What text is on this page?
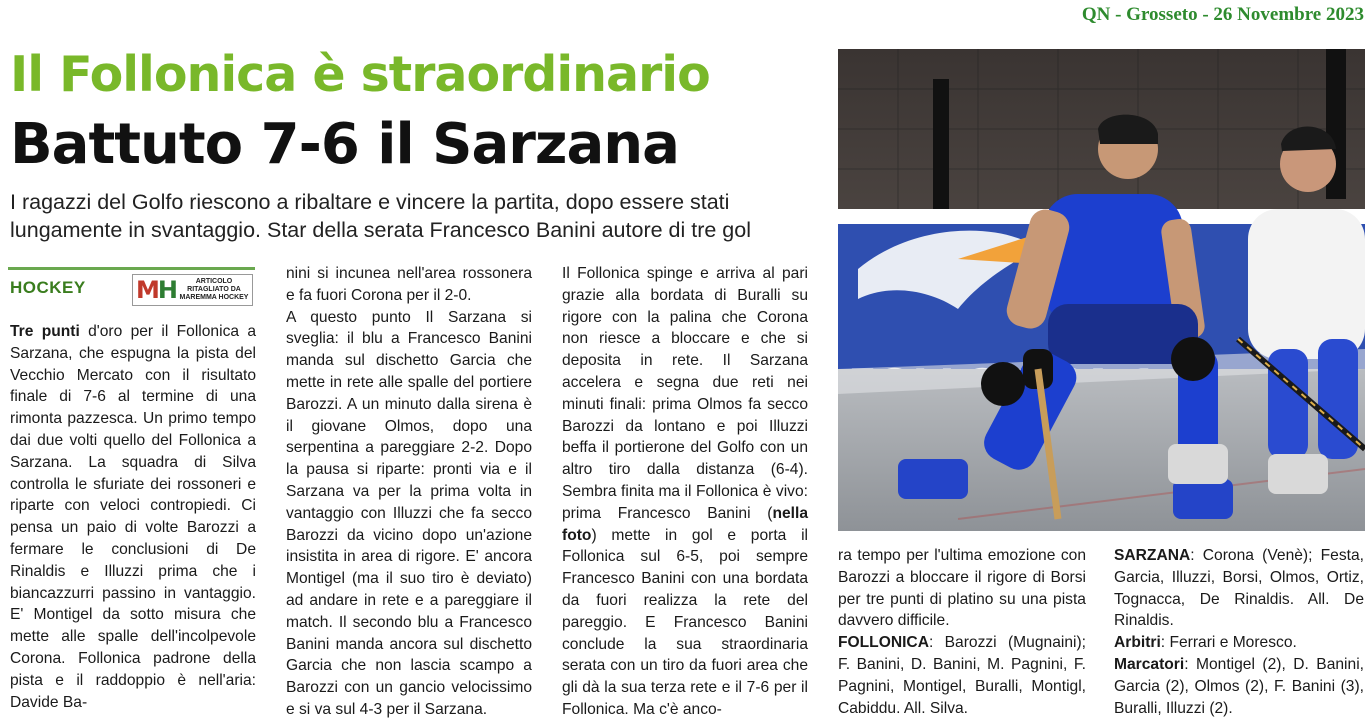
QN - Grosseto - 26 Novembre 2023
Il Follonica è straordinario
Battuto 7-6 il Sarzana

I ragazzi del Golfo riescono a ribaltare e vincere la partita, dopo essere stati lungamente in svantaggio. Star della serata Francesco Banini autore di tre gol

HOCKEY MH	ARTICOLO RITAGLIATO DA MAREMMA HOCKEY

Tre punti d'oro per il Follonica a Sarzana, che espugna la pista del Vecchio Mercato con il risultato finale di 7-6 al termine di una rimonta pazzesca. Un primo tempo dai due volti quello del Follonica a Sarzana. La squadra di Silva controlla le sfuriate dei rossoneri e riparte con veloci contropiedi. Ci pensa un paio di volte Barozzi a fermare le conclusioni di De Rinaldis e Illuzzi prima che i biancazzurri passino in vantaggio. E' Montigel da sotto misura che mette alle spalle dell'incolpevole Corona. Follonica padrone della pista e il raddoppio è nell'aria: Davide Ba-

nini si incunea nell'area rossonera e fa fuori Corona per il 2-0.

A questo punto Il Sarzana si sveglia: il blu a Francesco Banini manda sul dischetto Garcia che mette in rete alle spalle del portiere Barozzi. A un minuto dalla sirena è il giovane Olmos, dopo una serpentina a pareggiare 2-2. Dopo la pausa si riparte: pronti via e il Sarzana va per la prima volta in vantaggio con Illuzzi che fa secco Barozzi da vicino dopo un'azione insistita in area di rigore. E' ancora Montigel (ma il suo tiro è deviato) ad andare in rete e a pareggiare il match. Il secondo blu a Francesco Banini manda ancora sul dischetto Garcia che non lascia scampo a Barozzi con un gancio velocissimo e si va sul 4-3 per il Sarzana.

Il Follonica spinge e arriva al pari grazie alla bordata di Buralli su rigore con la palina che Corona non riesce a bloccare e che si deposita in rete. Il Sarzana accelera e segna due reti nei minuti finali: prima Olmos fa secco Barozzi da lontano e poi Illuzzi beffa il portierone del Golfo con un altro tiro dalla distanza (6-4). Sembra finita ma il Follonica è vivo: prima Francesco Banini (nella foto) mette in gol e porta il Follonica sul 6-5, poi sempre Francesco Banini con una bordata da fuori realizza la rete del pareggio. E Francesco Banini conclude la sua straordinaria serata con un tiro da fuori area che gli dà la sua terza rete e il 7-6 per il Follonica. Ma c'è anco-

ra tempo per l'ultima emozione con Barozzi a bloccare il rigore di Borsi per tre punti di platino su una pista davvero difficile.

FOLLONICA: Barozzi (Mugnaini); F. Banini, D. Banini, M. Pagnini, F. Pagnini, Montigel, Buralli, Montigl, Cabiddu. All. Silva.

SARZANA: Corona (Venè); Festa, Garcia, Illuzzi, Borsi, Olmos, Ortiz, Tognacca, De Rinaldis. All. De Rinaldis.

Arbitri: Ferrari e Moresco.

Marcatori: Montigel (2), D. Banini, Garcia (2), Olmos (2), F. Banini (3), Buralli, Illuzzi (2).
